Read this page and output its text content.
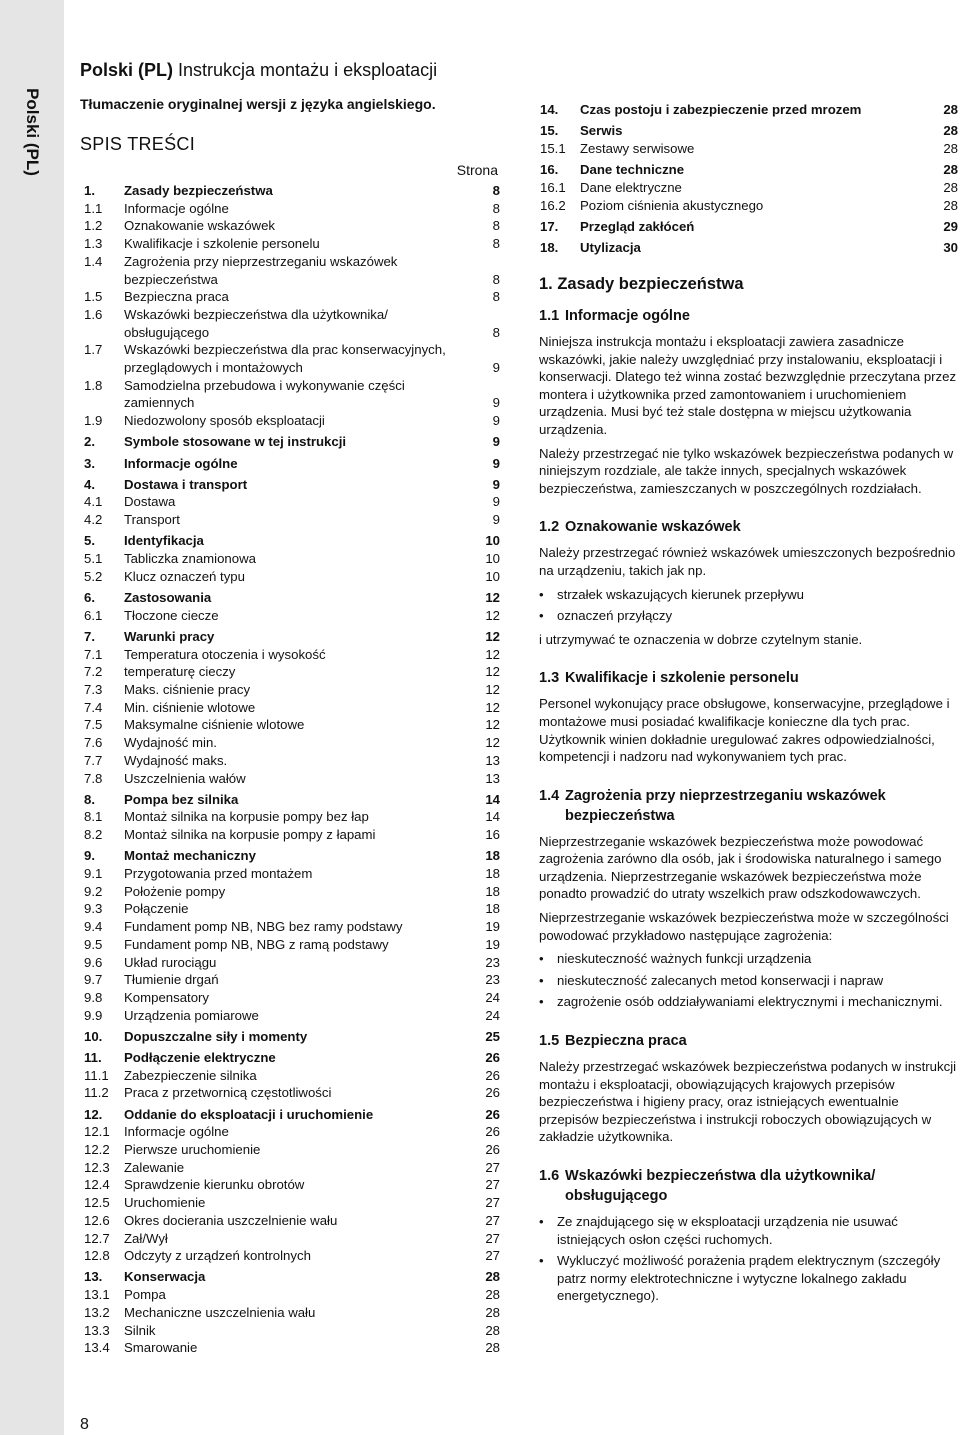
Polski (PL)
Polski (PL) Instrukcja montażu i eksploatacji
Tłumaczenie oryginalnej wersji z języka angielskiego.
SPIS TREŚCI
Strona
1.	Zasady bezpieczeństwa	8
1.1	Informacje ogólne	8
1.2	Oznakowanie wskazówek	8
1.3	Kwalifikacje i szkolenie personelu	8
1.4	Zagrożenia przy nieprzestrzeganiu wskazówek bezpieczeństwa	8
1.5	Bezpieczna praca	8
1.6	Wskazówki bezpieczeństwa dla użytkownika/ obsługującego	8
1.7	Wskazówki bezpieczeństwa dla prac konserwacyjnych, przeglądowych i montażowych	9
1.8	Samodzielna przebudowa i wykonywanie części zamiennych	9
1.9	Niedozwolony sposób eksploatacji	9
2.	Symbole stosowane w tej instrukcji	9
3.	Informacje ogólne	9
4.	Dostawa i transport	9
4.1	Dostawa	9
4.2	Transport	9
5.	Identyfikacja	10
5.1	Tabliczka znamionowa	10
5.2	Klucz oznaczeń typu	10
6.	Zastosowania	12
6.1	Tłoczone ciecze	12
7.	Warunki pracy	12
7.1	Temperatura otoczenia i wysokość	12
7.2	temperaturę cieczy	12
7.3	Maks. ciśnienie pracy	12
7.4	Min. ciśnienie wlotowe	12
7.5	Maksymalne ciśnienie wlotowe	12
7.6	Wydajność min.	12
7.7	Wydajność maks.	13
7.8	Uszczelnienia wałów	13
8.	Pompa bez silnika	14
8.1	Montaż silnika na korpusie pompy bez łap	14
8.2	Montaż silnika na korpusie pompy z łapami	16
9.	Montaż mechaniczny	18
9.1	Przygotowania przed montażem	18
9.2	Położenie pompy	18
9.3	Połączenie	18
9.4	Fundament pomp NB, NBG bez ramy podstawy	19
9.5	Fundament pomp NB, NBG z ramą podstawy	19
9.6	Układ rurociągu	23
9.7	Tłumienie drgań	23
9.8	Kompensatory	24
9.9	Urządzenia pomiarowe	24
10.	Dopuszczalne siły i momenty	25
11.	Podłączenie elektryczne	26
11.1	Zabezpieczenie silnika	26
11.2	Praca z przetwornicą częstotliwości	26
12.	Oddanie do eksploatacji i uruchomienie	26
12.1	Informacje ogólne	26
12.2	Pierwsze uruchomienie	26
12.3	Zalewanie	27
12.4	Sprawdzenie kierunku obrotów	27
12.5	Uruchomienie	27
12.6	Okres docierania uszczelnienie wału	27
12.7	Zał/Wył	27
12.8	Odczyty z urządzeń kontrolnych	27
13.	Konserwacja	28
13.1	Pompa	28
13.2	Mechaniczne uszczelnienia wału	28
13.3	Silnik	28
13.4	Smarowanie	28
14.	Czas postoju i zabezpieczenie przed mrozem	28
15.	Serwis	28
15.1	Zestawy serwisowe	28
16.	Dane techniczne	28
16.1	Dane elektryczne	28
16.2	Poziom ciśnienia akustycznego	28
17.	Przegląd zakłóceń	29
18.	Utylizacja	30
1. Zasady bezpieczeństwa
1.1 Informacje ogólne

Niniejsza instrukcja montażu i eksploatacji zawiera zasadnicze wskazówki, jakie należy uwzględniać przy instalowaniu, eksploatacji i konserwacji. Dlatego też winna zostać bezwzględnie przeczytana przez montera i użytkownika przed zamontowaniem i uruchomieniem urządzenia. Musi być też stale dostępna w miejscu użytkowania urządzenia.

Należy przestrzegać nie tylko wskazówek bezpieczeństwa podanych w niniejszym rozdziale, ale także innych, specjalnych wskazówek bezpieczeństwa, zamieszczanych w poszczególnych rozdziałach.

1.2 Oznakowanie wskazówek

Należy przestrzegać również wskazówek umieszczonych bezpośrednio na urządzeniu, takich jak np.

• strzałek wskazujących kierunek przepływu
• oznaczeń przyłączy

i utrzymywać te oznaczenia w dobrze czytelnym stanie.

1.3 Kwalifikacje i szkolenie personelu

Personel wykonujący prace obsługowe, konserwacyjne, przeglądowe i montażowe musi posiadać kwalifikacje konieczne dla tych prac. Użytkownik winien dokładnie uregulować zakres odpowiedzialności, kompetencji i nadzoru nad wykonywaniem tych prac.

1.4 Zagrożenia przy nieprzestrzeganiu wskazówek bezpieczeństwa

Nieprzestrzeganie wskazówek bezpieczeństwa może powodować zagrożenia zarówno dla osób, jak i środowiska naturalnego i samego urządzenia. Nieprzestrzeganie wskazówek bezpieczeństwa może ponadto prowadzić do utraty wszelkich praw odszkodowawczych.

Nieprzestrzeganie wskazówek bezpieczeństwa może w szczególności powodować przykładowo następujące zagrożenia:

• nieskuteczność ważnych funkcji urządzenia
• nieskuteczność zalecanych metod konserwacji i napraw
• zagrożenie osób oddziaływaniami elektrycznymi i mechanicznymi.
1.5 Bezpieczna praca

Należy przestrzegać wskazówek bezpieczeństwa podanych w instrukcji montażu i eksploatacji, obowiązujących krajowych przepisów bezpieczeństwa i higieny pracy, oraz istniejących ewentualnie przepisów bezpieczeństwa i instrukcji roboczych obowiązujących w zakładzie użytkownika.

1.6 Wskazówki bezpieczeństwa dla użytkownika/ obsługującego
• Ze znajdującego się w eksploatacji urządzenia nie usuwać istniejących osłon części ruchomych.
• Wykluczyć możliwość porażenia prądem elektrycznym (szczegóły patrz normy elektrotechniczne i wytyczne lokalnego zakładu energetycznego).
8
